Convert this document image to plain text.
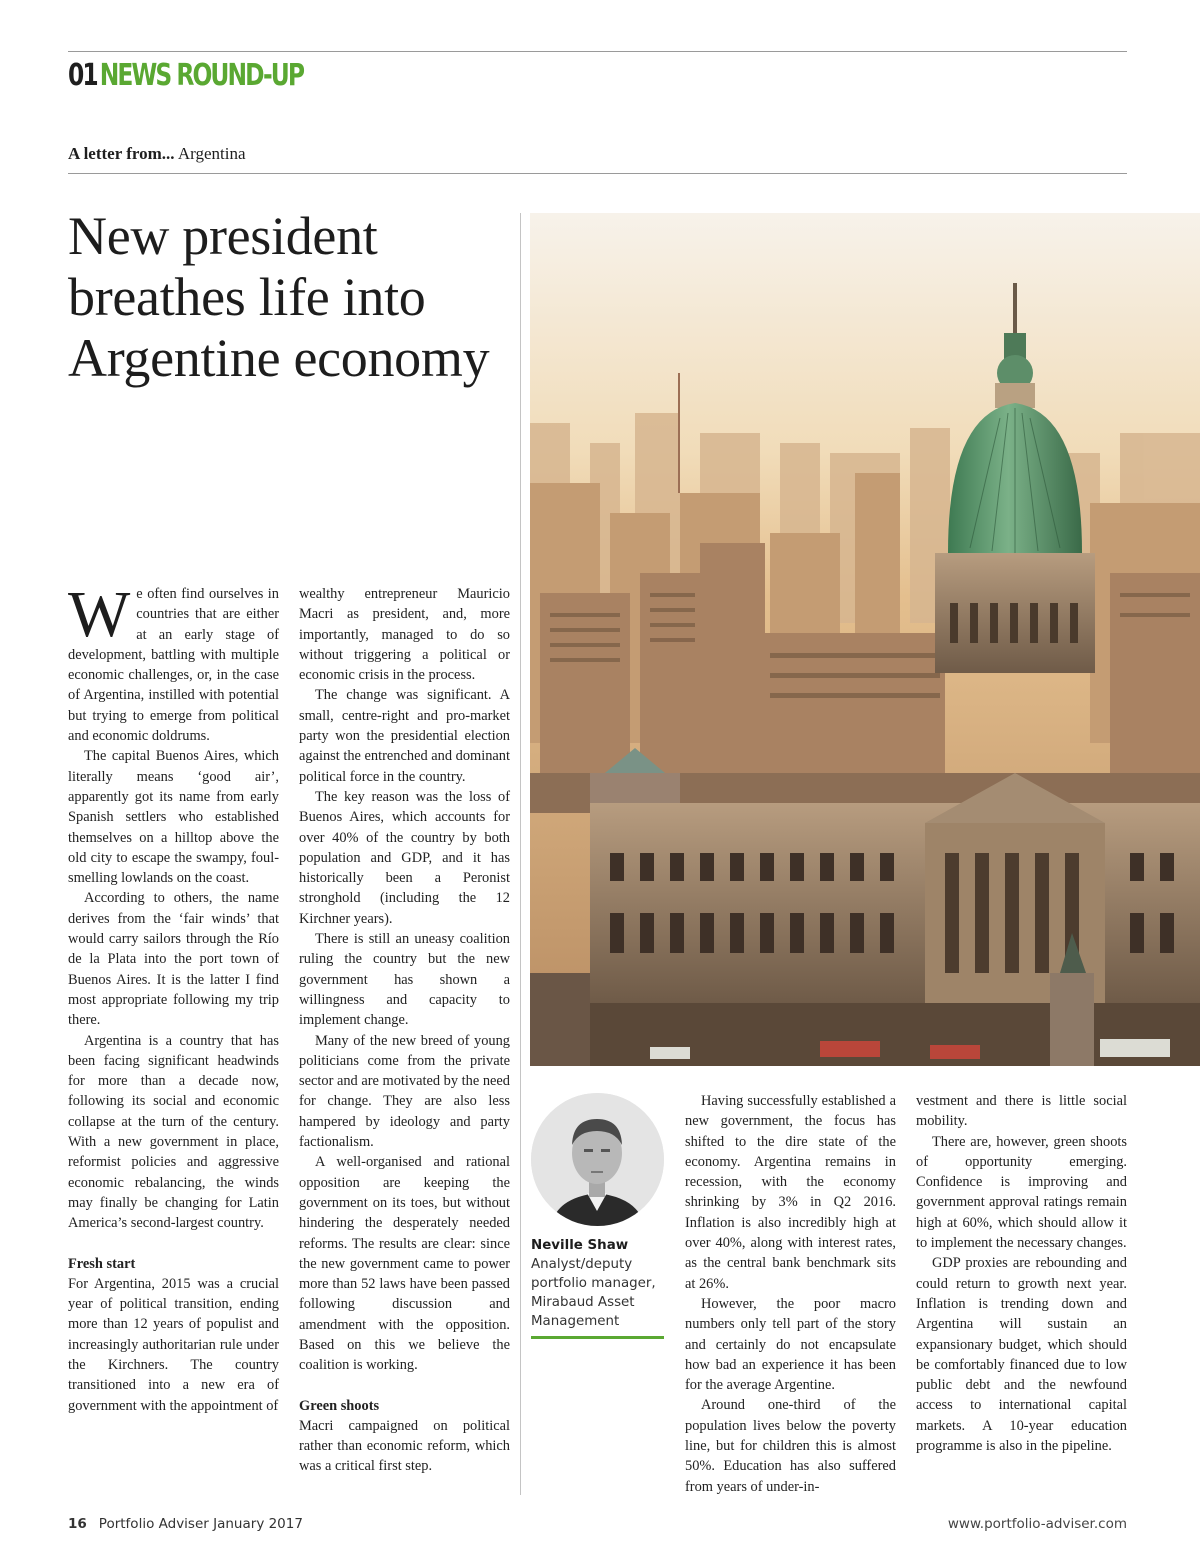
01 NEWS ROUND-UP
A letter from... Argentina
New president breathes life into Argentine economy

We often find ourselves in countries that are either at an early stage of development, battling with multiple economic challenges, or, in the case of Argentina, instilled with potential but trying to emerge from political and economic doldrums.

The capital Buenos Aires, which literally means ‘good air’, apparently got its name from early Spanish settlers who established themselves on a hilltop above the old city to escape the swampy, foul-smelling lowlands on the coast.

According to others, the name derives from the ‘fair winds’ that would carry sailors through the Río de la Plata into the port town of Buenos Aires. It is the latter I find most appropriate following my trip there.

Argentina is a country that has been facing significant headwinds for more than a decade now, following its social and economic collapse at the turn of the century. With a new government in place, reformist policies and aggressive economic rebalancing, the winds may finally be changing for Latin America’s second-largest country.

Fresh start

For Argentina, 2015 was a crucial year of political transition, ending more than 12 years of populist and increasingly authoritarian rule under the Kirchners. The country transitioned into a new era of government with the appointment of

wealthy entrepreneur Mauricio Macri as president, and, more importantly, managed to do so without triggering a political or economic crisis in the process.

The change was significant. A small, centre-right and pro-market party won the presidential election against the entrenched and dominant political force in the country.

The key reason was the loss of Buenos Aires, which accounts for over 40% of the country by both population and GDP, and it has historically been a Peronist stronghold (including the 12 Kirchner years).

There is still an uneasy coalition ruling the country but the new government has shown a willingness and capacity to implement change.

Many of the new breed of young politicians come from the private sector and are motivated by the need for change. They are also less hampered by ideology and party factionalism.

A well-organised and rational opposition are keeping the government on its toes, but without hindering the desperately needed reforms. The results are clear: since the new government came to power more than 52 laws have been passed following discussion and amendment with the opposition. Based on this we believe the coalition is working.

Green shoots

Macri campaigned on political rather than economic reform, which was a critical first step.

Neville Shaw
Analyst/deputy
portfolio manager,
Mirabaud Asset
Management

Having successfully established a new government, the focus has shifted to the dire state of the economy. Argentina remains in recession, with the economy shrinking by 3% in Q2 2016. Inflation is also incredibly high at over 40%, along with interest rates, as the central bank benchmark sits at 26%.

However, the poor macro numbers only tell part of the story and certainly do not encapsulate how bad an experience it has been for the average Argentine.

Around one-third of the population lives below the poverty line, but for children this is almost 50%. Education has also suffered from years of under-in-

vestment and there is little social mobility.

There are, however, green shoots of opportunity emerging. Confidence is improving and government approval ratings remain high at 60%, which should allow it to implement the necessary changes.

GDP proxies are rebounding and could return to growth next year. Inflation is trending down and Argentina will sustain an expansionary budget, which should be comfortably financed due to low public debt and the newfound access to international capital markets. A 10-year education programme is also in the pipeline.

16 Portfolio Adviser January 2017	www.portfolio-adviser.com
